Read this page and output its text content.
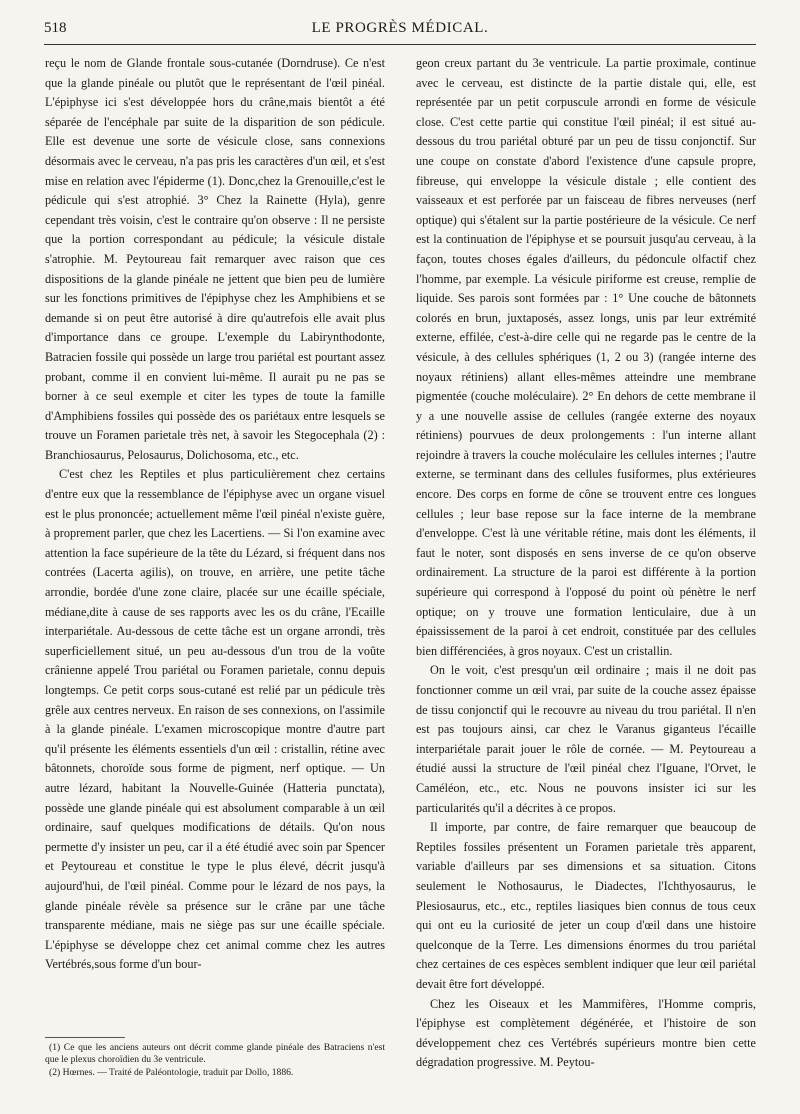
518	LE PROGRÈS MÉDICAL.

reçu le nom de Glande frontale sous-cutanée (Dorndruse). Ce n'est que la glande pinéale ou plutôt que le représentant de l'œil pinéal. L'épiphyse ici s'est développée hors du crâne,mais bientôt a été séparée de l'encéphale par suite de la disparition de son pédicule. Elle est devenue une sorte de vésicule close, sans connexions désormais avec le cerveau, n'a pas pris les caractères d'un œil, et s'est mise en relation avec l'épiderme (1). Donc,chez la Grenouille,c'est le pédicule qui s'est atrophié. 3° Chez la Rainette (Hyla), genre cependant très voisin, c'est le contraire qu'on observe : Il ne persiste que la portion correspondant au pédicule; la vésicule distale s'atrophie. M. Peytoureau fait remarquer avec raison que ces dispositions de la glande pinéale ne jettent que bien peu de lumière sur les fonctions primitives de l'épiphyse chez les Amphibiens et se demande si on peut être autorisé à dire qu'autrefois elle avait plus d'importance dans ce groupe. L'exemple du Labirynthodonte, Batracien fossile qui possède un large trou pariétal est pourtant assez probant, comme il en convient lui-même. Il aurait pu ne pas se borner à ce seul exemple et citer les types de toute la famille d'Amphibiens fossiles qui possède des os pariétaux entre lesquels se trouve un Foramen parietale très net, à savoir les Stegocephala (2) : Branchiosaurus, Pelosaurus, Dolichosoma, etc., etc.

C'est chez les Reptiles et plus particulièrement chez certains d'entre eux que la ressemblance de l'épiphyse avec un organe visuel est le plus prononcée; actuellement même l'œil pinéal n'existe guère, à proprement parler, que chez les Lacertiens. — Si l'on examine avec attention la face supérieure de la tête du Lézard, si fréquent dans nos contrées (Lacerta agilis), on trouve, en arrière, une petite tâche arrondie, bordée d'une zone claire, placée sur une écaille spéciale, médiane,dite à cause de ses rapports avec les os du crâne, l'Ecaille interpariétale. Au-dessous de cette tâche est un organe arrondi, très superficiellement situé, un peu au-dessous d'un trou de la voûte crânienne appelé Trou pariétal ou Foramen parietale, connu depuis longtemps. Ce petit corps sous-cutané est relié par un pédicule très grêle aux centres nerveux. En raison de ses connexions, on l'assimile à la glande pinéale. L'examen microscopique montre d'autre part qu'il présente les éléments essentiels d'un œil : cristallin, rétine avec bâtonnets, choroïde sous forme de pigment, nerf optique. — Un autre lézard, habitant la Nouvelle-Guinée (Hatteria punctata), possède une glande pinéale qui est absolument comparable à un œil ordinaire, sauf quelques modifications de détails. Qu'on nous permette d'y insister un peu, car il a été étudié avec soin par Spencer et Peytoureau et constitue le type le plus élevé, décrit jusqu'à aujourd'hui, de l'œil pinéal. Comme pour le lézard de nos pays, la glande pinéale révèle sa présence sur le crâne par une tâche transparente médiane, mais ne siège pas sur une écaille spéciale. L'épiphyse se développe chez cet animal comme chez les autres Vertébrés,sous forme d'un bour-

geon creux partant du 3e ventricule. La partie proximale, continue avec le cerveau, est distincte de la partie distale qui, elle, est représentée par un petit corpuscule arrondi en forme de vésicule close. C'est cette partie qui constitue l'œil pinéal; il est situé au-dessous du trou pariétal obturé par un peu de tissu conjonctif. Sur une coupe on constate d'abord l'existence d'une capsule propre, fibreuse, qui enveloppe la vésicule distale ; elle contient des vaisseaux et est perforée par un faisceau de fibres nerveuses (nerf optique) qui s'étalent sur la partie postérieure de la vésicule. Ce nerf est la continuation de l'épiphyse et se poursuit jusqu'au cerveau, à la façon, toutes choses égales d'ailleurs, du pédoncule olfactif chez l'homme, par exemple. La vésicule piriforme est creuse, remplie de liquide. Ses parois sont formées par : 1° Une couche de bâtonnets colorés en brun, juxtaposés, assez longs, unis par leur extrémité externe, effilée, c'est-à-dire celle qui ne regarde pas le centre de la vésicule, à des cellules sphériques (1, 2 ou 3) (rangée interne des noyaux rétiniens) allant elles-mêmes atteindre une membrane pigmentée (couche moléculaire). 2° En dehors de cette membrane il y a une nouvelle assise de cellules (rangée externe des noyaux rétiniens) pourvues de deux prolongements : l'un interne allant rejoindre à travers la couche moléculaire les cellules internes ; l'autre externe, se terminant dans des cellules fusiformes, plus extérieures encore. Des corps en forme de cône se trouvent entre ces longues cellules ; leur base repose sur la face interne de la membrane d'enveloppe. C'est là une véritable rétine, mais dont les éléments, il faut le noter, sont disposés en sens inverse de ce qu'on observe ordinairement. La structure de la paroi est différente à la portion supérieure qui correspond à l'opposé du point où pénètre le nerf optique; on y trouve une formation lenticulaire, due à un épaississement de la paroi à cet endroit, constituée par des cellules bien différenciées, à gros noyaux. C'est un cristallin.

On le voit, c'est presqu'un œil ordinaire ; mais il ne doit pas fonctionner comme un œil vrai, par suite de la couche assez épaisse de tissu conjonctif qui le recouvre au niveau du trou pariétal. Il n'en est pas toujours ainsi, car chez le Varanus giganteus l'écaille interpariétale parait jouer le rôle de cornée. — M. Peytoureau a étudié aussi la structure de l'œil pinéal chez l'Iguane, l'Orvet, le Caméléon, etc., etc. Nous ne pouvons insister ici sur les particularités qu'il a décrites à ce propos.

Il importe, par contre, de faire remarquer que beaucoup de Reptiles fossiles présentent un Foramen parietale très apparent, variable d'ailleurs par ses dimensions et sa situation. Citons seulement le Nothosaurus, le Diadectes, l'Ichthyosaurus, le Plesiosaurus, etc., etc., reptiles liasiques bien connus de tous ceux qui ont eu la curiosité de jeter un coup d'œil dans une histoire quelconque de la Terre. Les dimensions énormes du trou pariétal chez certaines de ces espèces semblent indiquer que leur œil pariétal devait être fort développé.

Chez les Oiseaux et les Mammifères, l'Homme compris, l'épiphyse est complètement dégénérée, et l'histoire de son développement chez ces Vertébrés supérieurs montre bien cette dégradation progressive. M. Peytou-

(1) Ce que les anciens auteurs ont décrit comme glande pinéale des Batraciens n'est que le plexus choroïdien du 3e ventricule.

(2) Hœrnes. — Traité de Paléontologie, traduit par Dollo, 1886.
